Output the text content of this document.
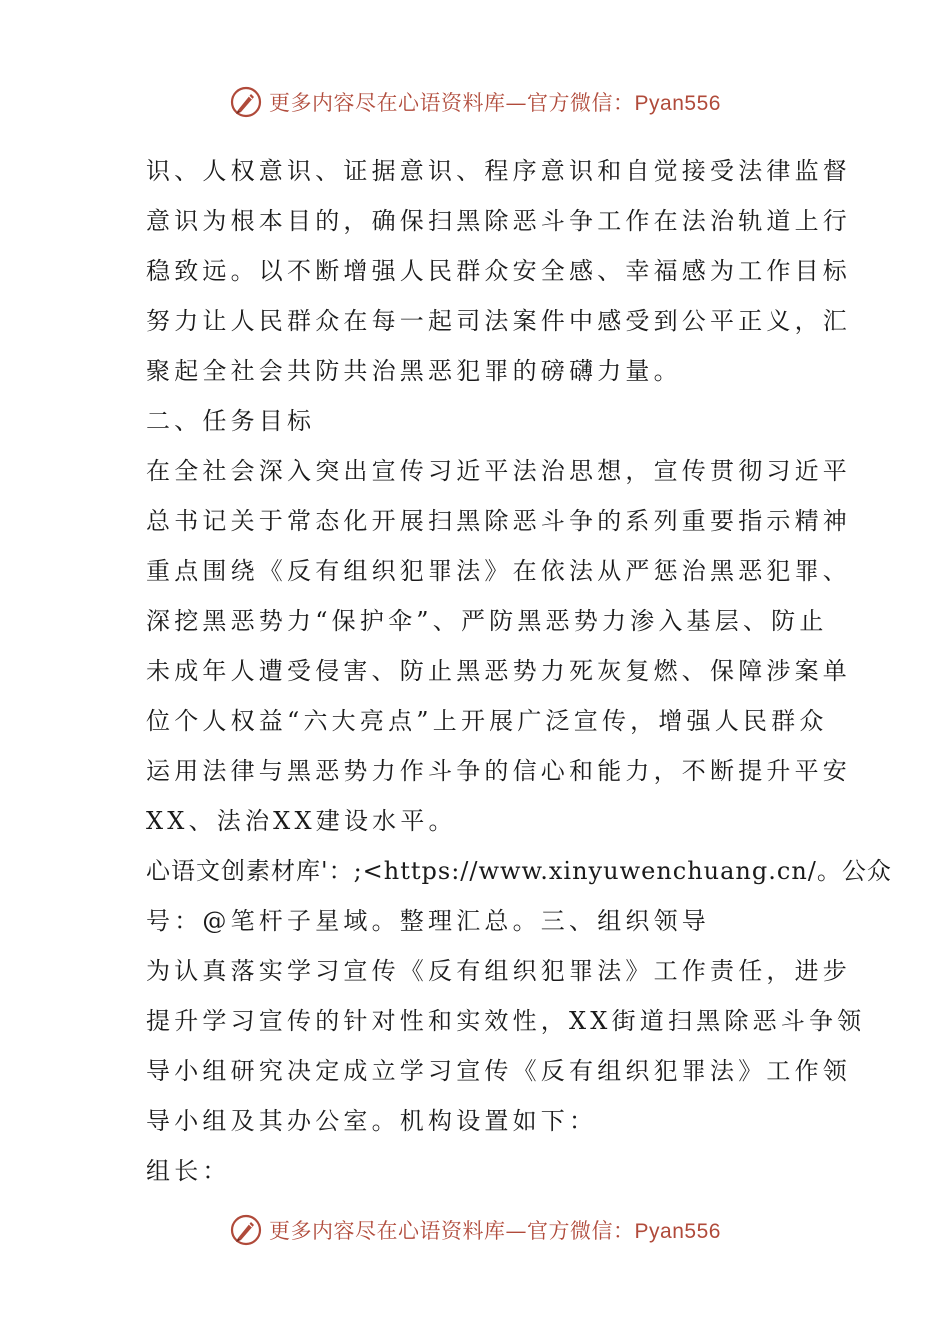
更多内容尽在心语资料库—官方微信：Pyan556
识、人权意识、证据意识、程序意识和自觉接受法律监督
意识为根本目的，确保扫黑除恶斗争工作在法治轨道上行
稳致远。以不断增强人民群众安全感、幸福感为工作目标
努力让人民群众在每一起司法案件中感受到公平正义，汇
聚起全社会共防共治黑恶犯罪的磅礴力量。
二、任务目标
在全社会深入突出宣传习近平法治思想，宣传贯彻习近平
总书记关于常态化开展扫黑除恶斗争的系列重要指示精神
重点围绕《反有组织犯罪法》在依法从严惩治黑恶犯罪、
深挖黑恶势力“保护伞”、严防黑恶势力渗入基层、防止
未成年人遭受侵害、防止黑恶势力死灰复燃、保障涉案单
位个人权益“六大亮点”上开展广泛宣传，增强人民群众
运用法律与黑恶势力作斗争的信心和能力，不断提升平安
XX、法治XX建设水平。
心语文创素材库'：;<https://www.xinyuwenchuang.cn/。公众
号：@笔杆子星域。整理汇总。三、组织领导
为认真落实学习宣传《反有组织犯罪法》工作责任，进步
提升学习宣传的针对性和实效性，XX街道扫黑除恶斗争领
导小组研究决定成立学习宣传《反有组织犯罪法》工作领
导小组及其办公室。机构设置如下：
组长：
更多内容尽在心语资料库—官方微信：Pyan556
